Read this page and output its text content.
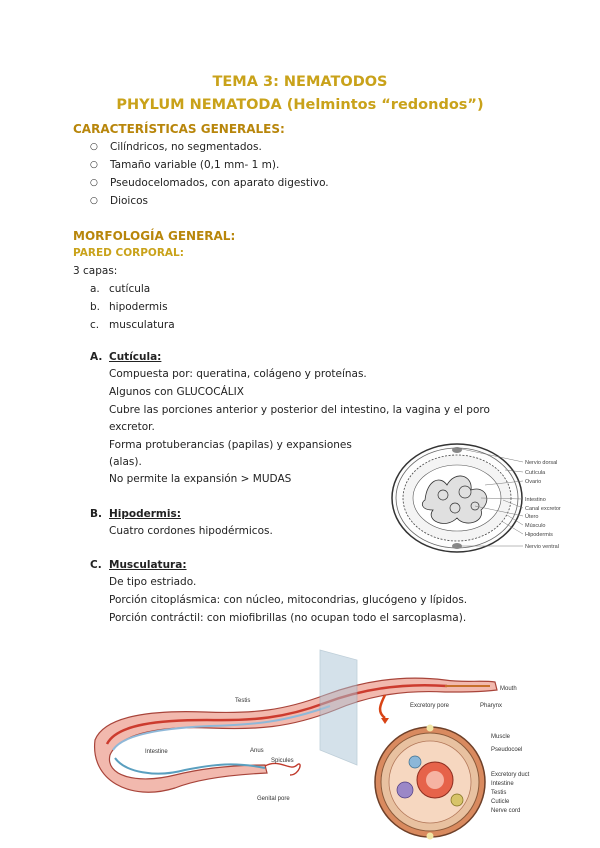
TEMA 3: NEMATODOS
PHYLUM NEMATODA (Helmintos “redondos”)
CARACTERÍSTICAS GENERALES:
○ Cilíndricos, no segmentados.
○ Tamaño variable (0,1 mm- 1 m).
○ Pseudocelomados, con aparato digestivo.
○ Dioicos
MORFOLOGÍA GENERAL:
PARED CORPORAL:
3 capas:
a. cutícula
b. hipodermis
c. musculatura
A. Cutícula:
Compuesta por: queratina, colágeno y proteínas.
Algunos con GLUCOCÁLIX
Cubre las porciones anterior y posterior del intestino, la vagina y el poro
excretor.
Forma protuberancias (papilas) y expansiones
(alas).
No permite la expansión > MUDAS
B. Hipodermis:
Cuatro cordones hipodérmicos.
C. Musculatura:
De tipo estriado.
Porción citoplásmica: con núcleo, mitocondrias, glucógeno y lípidos.
Porción contráctil: con miofibrillas (no ocupan todo el sarcoplasma).
Nervio dorsal
Cutícula
Ovario
Intestino
Canal excretor
Útero
Músculo
Hipodermis
Nervio ventral
Mouth
Pharynx
Excretory pore
Testis
Intestine	Anus
Spicules
Genital pore
Muscle
Pseudocoel
Excretory duct
Intestine
Testis
Cuticle
Nerve cord
